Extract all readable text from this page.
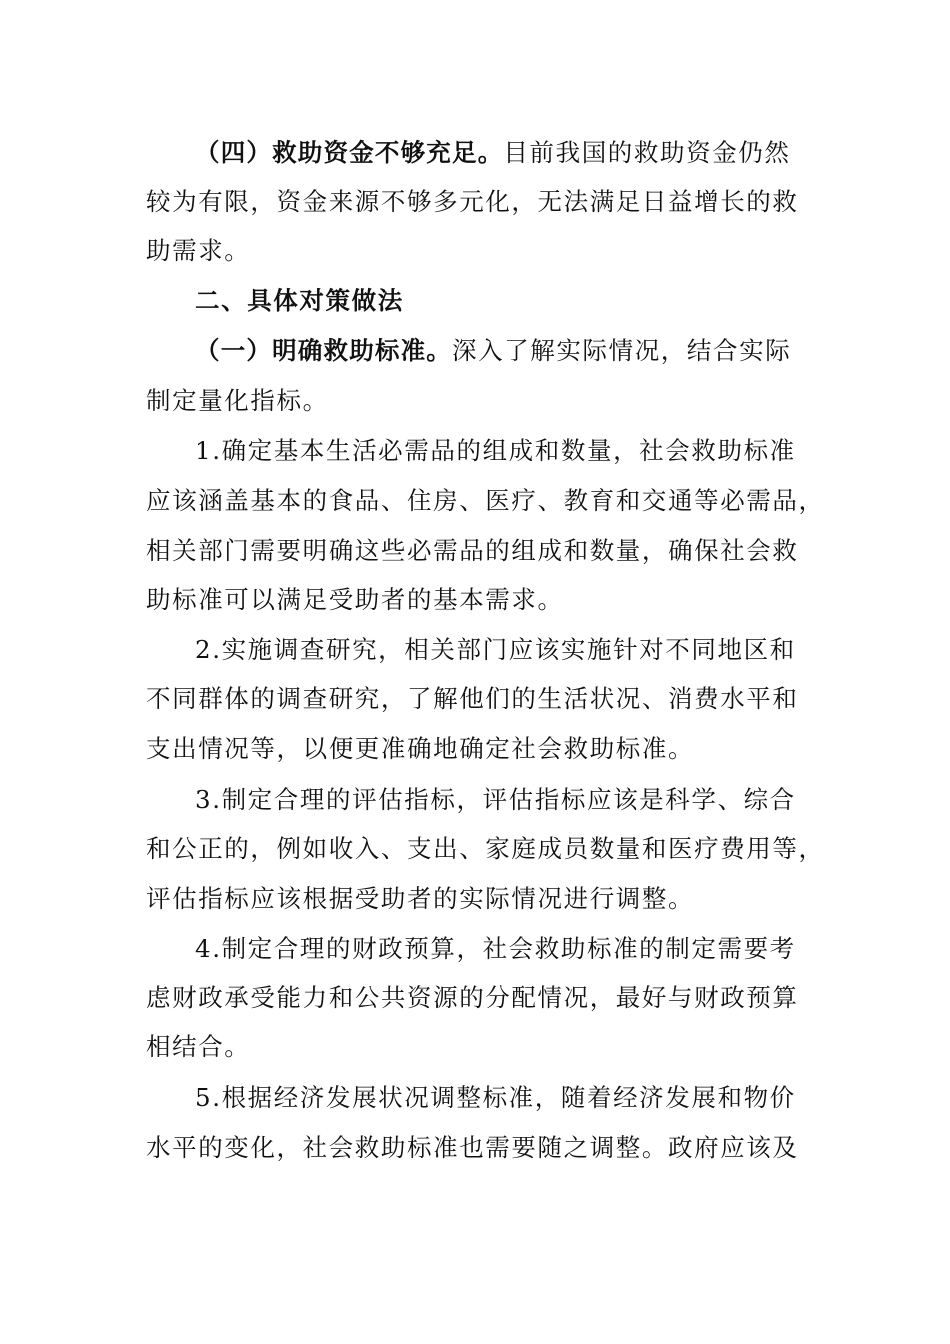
（四）救助资金不够充足。目前我国的救助资金仍然
较为有限，资金来源不够多元化，无法满足日益增长的救
助需求。
二、具体对策做法
（一）明确救助标准。深入了解实际情况，结合实际
制定量化指标。
1.确定基本生活必需品的组成和数量，社会救助标准
应该涵盖基本的食品、住房、医疗、教育和交通等必需品，
相关部门需要明确这些必需品的组成和数量，确保社会救
助标准可以满足受助者的基本需求。
2.实施调查研究，相关部门应该实施针对不同地区和
不同群体的调查研究，了解他们的生活状况、消费水平和
支出情况等，以便更准确地确定社会救助标准。
3.制定合理的评估指标，评估指标应该是科学、综合
和公正的，例如收入、支出、家庭成员数量和医疗费用等，
评估指标应该根据受助者的实际情况进行调整。
4.制定合理的财政预算，社会救助标准的制定需要考
虑财政承受能力和公共资源的分配情况，最好与财政预算
相结合。
5.根据经济发展状况调整标准，随着经济发展和物价
水平的变化，社会救助标准也需要随之调整。政府应该及
